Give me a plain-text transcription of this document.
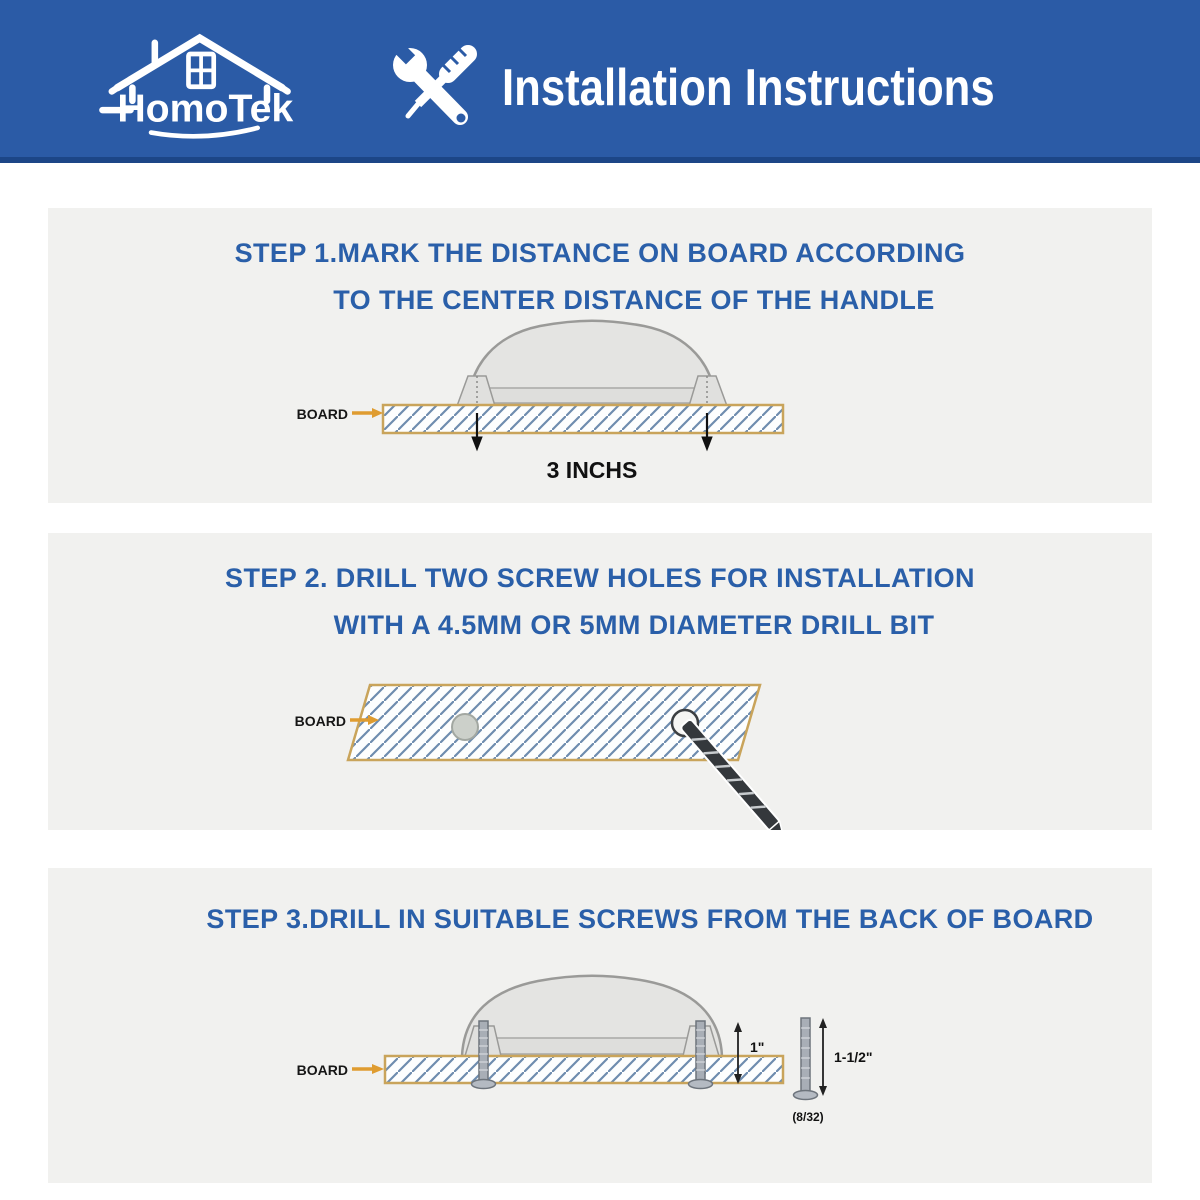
HomoTek	Installation Instructions
STEP 1.MARK THE DISTANCE ON BOARD ACCORDING
TO THE CENTER DISTANCE OF THE HANDLE
BOARD
3 INCHS
STEP 2. DRILL TWO SCREW HOLES FOR INSTALLATION
WITH A 4.5MM OR 5MM DIAMETER DRILL BIT
BOARD
STEP 3.DRILL IN SUITABLE SCREWS FROM THE BACK OF BOARD
1"
1-1/2"
(8/32)
BOARD
